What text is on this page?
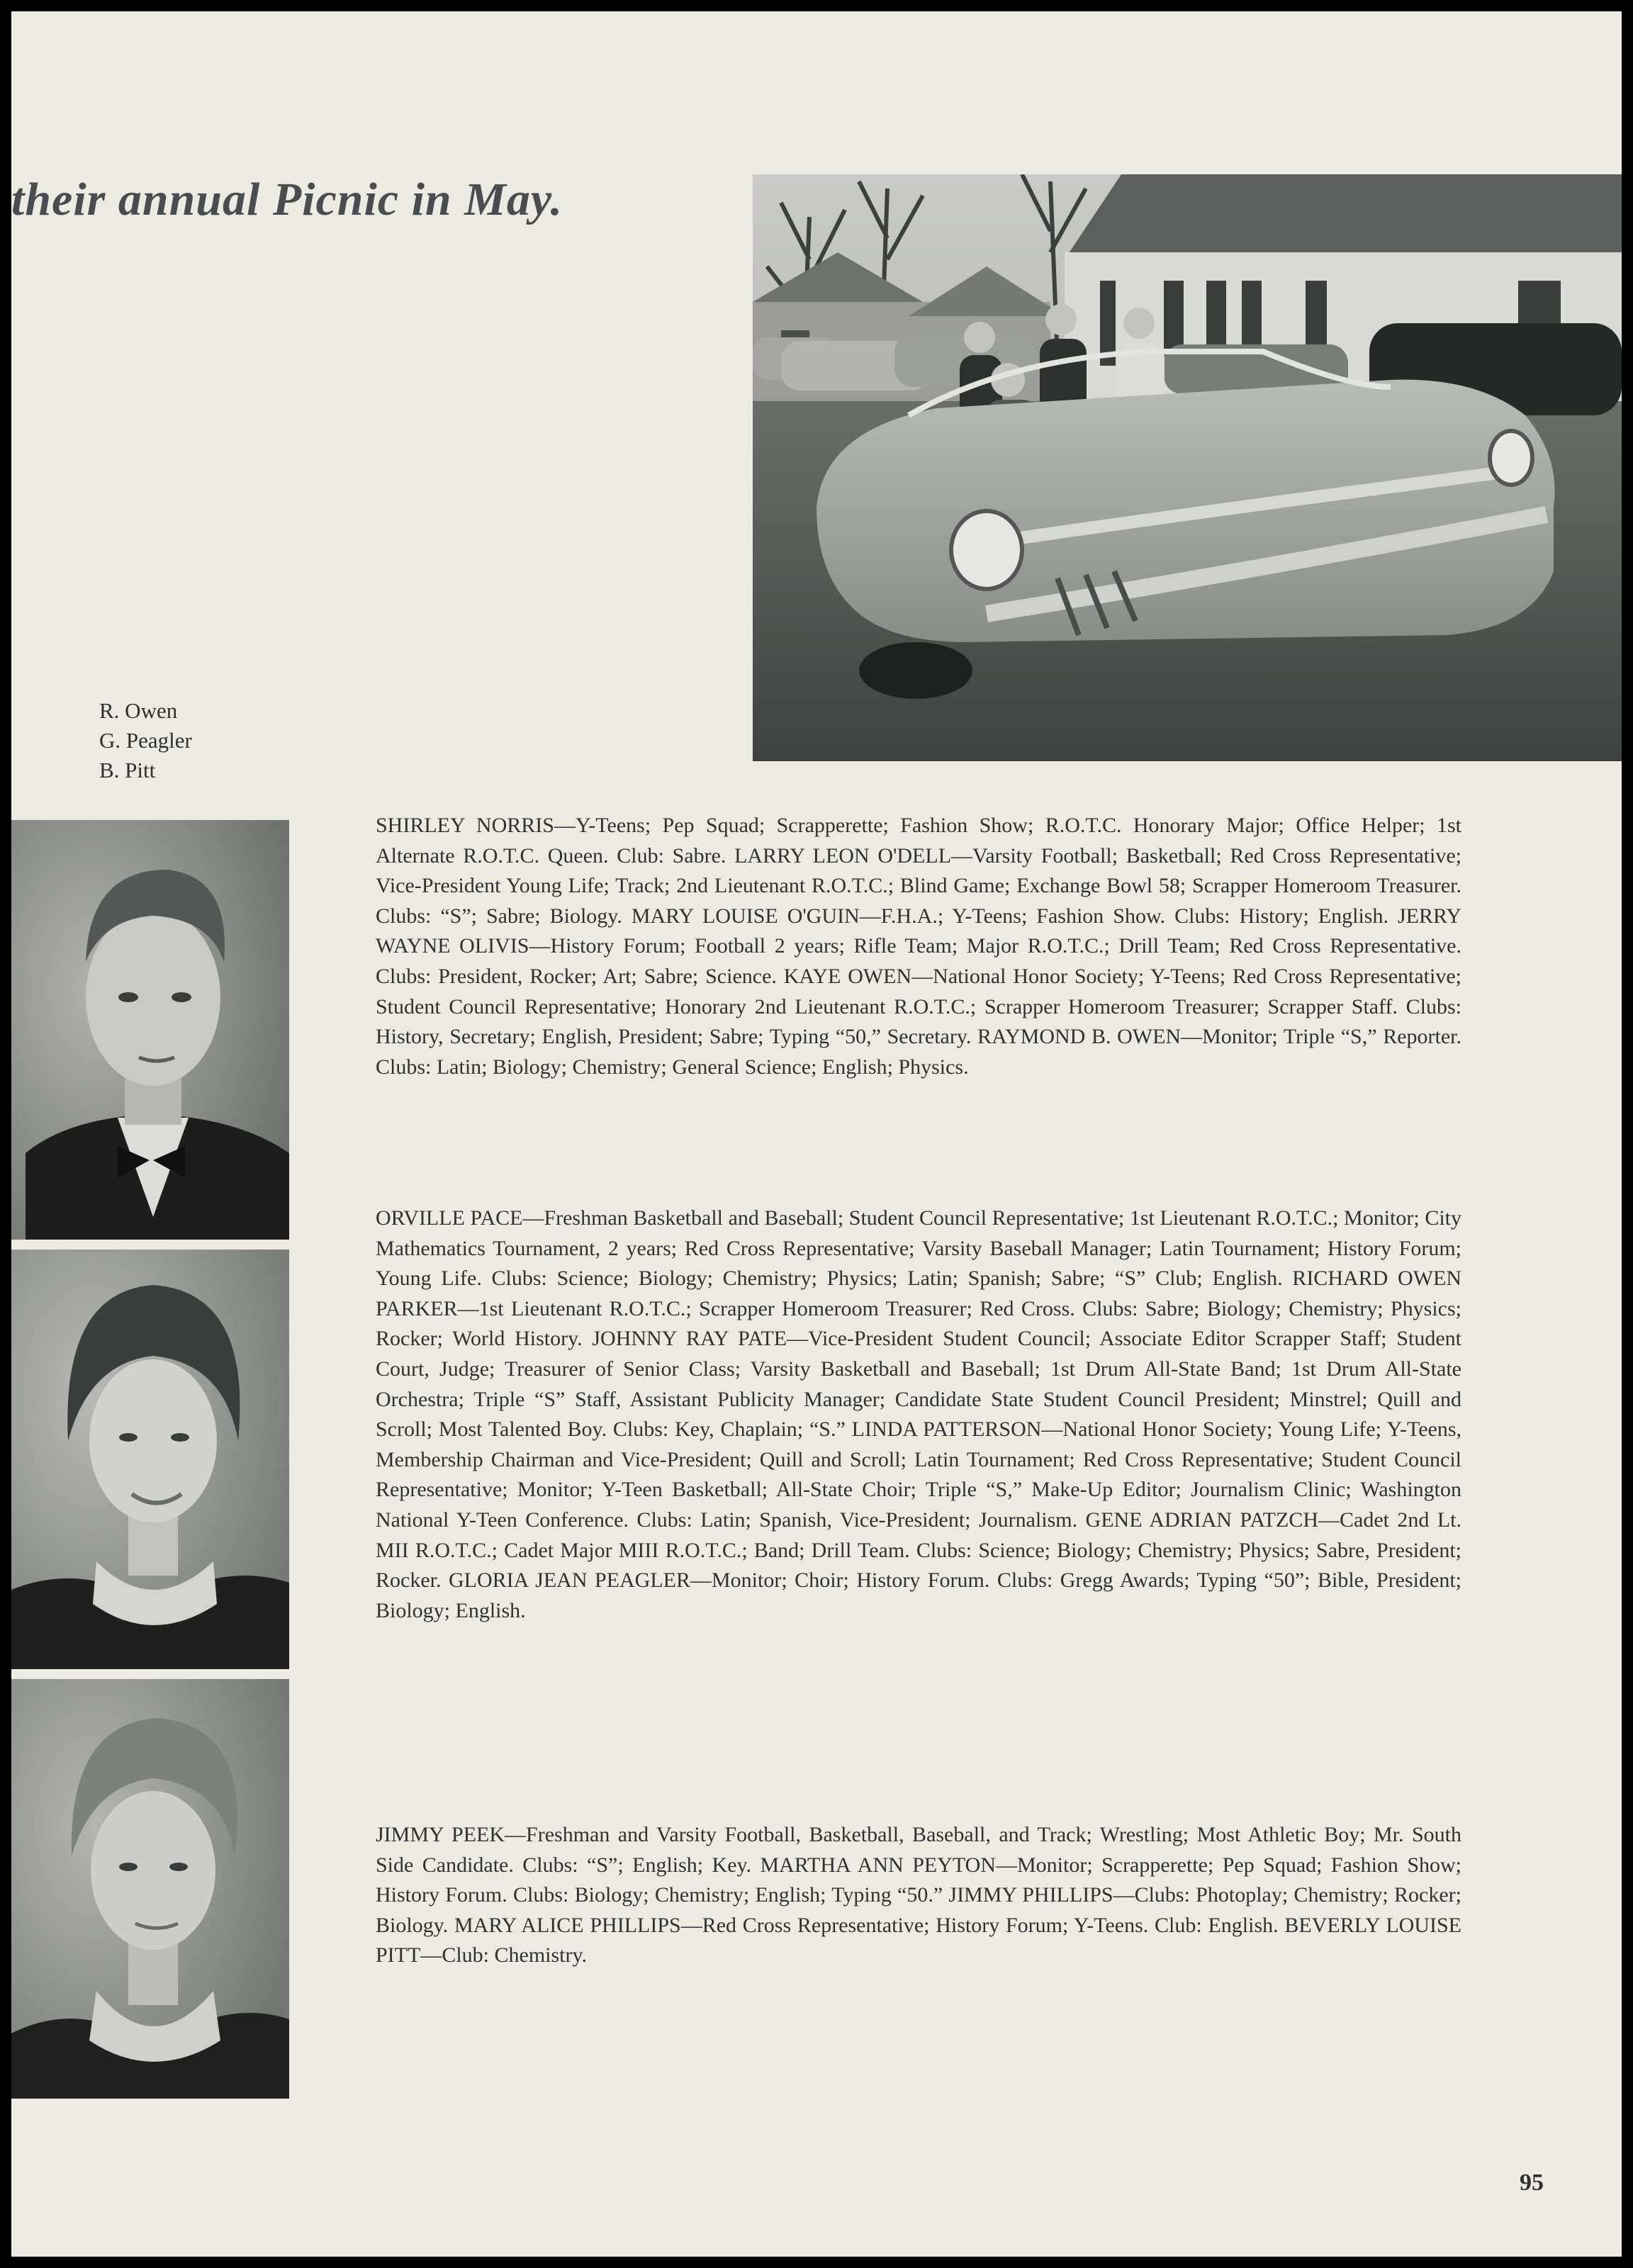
their annual Picnic in May.
R. Owen
G. Peagler
B. Pitt

SHIRLEY NORRIS—Y-Teens; Pep Squad; Scrapperette; Fashion Show; R.O.T.C. Honorary Major; Office Helper; 1st Alternate R.O.T.C. Queen. Club: Sabre. LARRY LEON O'DELL—Varsity Football; Basketball; Red Cross Representative; Vice-President Young Life; Track; 2nd Lieutenant R.O.T.C.; Blind Game; Exchange Bowl 58; Scrapper Homeroom Treasurer. Clubs: “S”; Sabre; Biology. MARY LOUISE O'GUIN—F.H.A.; Y-Teens; Fashion Show. Clubs: History; English. JERRY WAYNE OLIVIS—History Forum; Football 2 years; Rifle Team; Major R.O.T.C.; Drill Team; Red Cross Representative. Clubs: President, Rocker; Art; Sabre; Science. KAYE OWEN—National Honor Society; Y-Teens; Red Cross Representative; Student Council Representative; Honorary 2nd Lieutenant R.O.T.C.; Scrapper Homeroom Treasurer; Scrapper Staff. Clubs: History, Secretary; English, President; Sabre; Typing “50,” Secretary. RAYMOND B. OWEN—Monitor; Triple “S,” Reporter. Clubs: Latin; Biology; Chemistry; General Science; English; Physics.

ORVILLE PACE—Freshman Basketball and Baseball; Student Council Representative; 1st Lieutenant R.O.T.C.; Monitor; City Mathematics Tournament, 2 years; Red Cross Representative; Varsity Baseball Manager; Latin Tournament; History Forum; Young Life. Clubs: Science; Biology; Chemistry; Physics; Latin; Spanish; Sabre; “S” Club; English. RICHARD OWEN PARKER—1st Lieutenant R.O.T.C.; Scrapper Homeroom Treasurer; Red Cross. Clubs: Sabre; Biology; Chemistry; Physics; Rocker; World History. JOHNNY RAY PATE—Vice-President Student Council; Associate Editor Scrapper Staff; Student Court, Judge; Treasurer of Senior Class; Varsity Basketball and Baseball; 1st Drum All-State Band; 1st Drum All-State Orchestra; Triple “S” Staff, Assistant Publicity Manager; Candidate State Student Council President; Minstrel; Quill and Scroll; Most Talented Boy. Clubs: Key, Chaplain; “S.” LINDA PATTERSON—National Honor Society; Young Life; Y-Teens, Membership Chairman and Vice-President; Quill and Scroll; Latin Tournament; Red Cross Representative; Student Council Representative; Monitor; Y-Teen Basketball; All-State Choir; Triple “S,” Make-Up Editor; Journalism Clinic; Washington National Y-Teen Conference. Clubs: Latin; Spanish, Vice-President; Journalism. GENE ADRIAN PATZCH—Cadet 2nd Lt. MII R.O.T.C.; Cadet Major MIII R.O.T.C.; Band; Drill Team. Clubs: Science; Biology; Chemistry; Physics; Sabre, President; Rocker. GLORIA JEAN PEAGLER—Monitor; Choir; History Forum. Clubs: Gregg Awards; Typing “50”; Bible, President; Biology; English.

JIMMY PEEK—Freshman and Varsity Football, Basketball, Baseball, and Track; Wrestling; Most Athletic Boy; Mr. South Side Candidate. Clubs: “S”; English; Key. MARTHA ANN PEYTON—Monitor; Scrapperette; Pep Squad; Fashion Show; History Forum. Clubs: Biology; Chemistry; English; Typing “50.” JIMMY PHILLIPS—Clubs: Photoplay; Chemistry; Rocker; Biology. MARY ALICE PHILLIPS—Red Cross Representative; History Forum; Y-Teens. Club: English. BEVERLY LOUISE PITT—Club: Chemistry.

95
